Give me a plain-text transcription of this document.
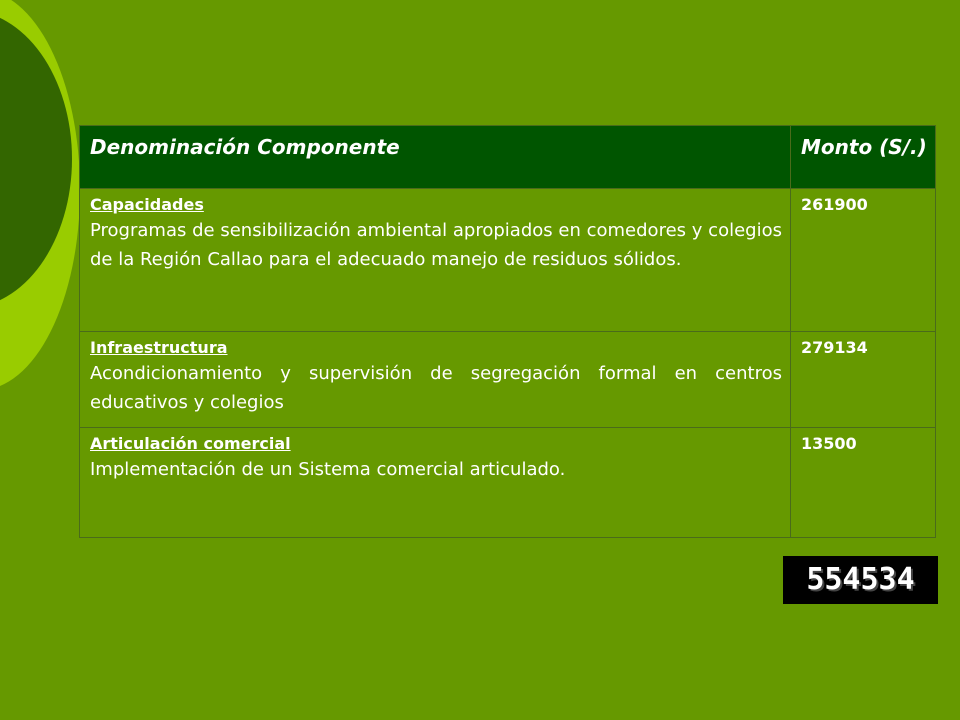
Denominación Componente	Monto (S/.)

Capacidades
Programas de sensibilización ambiental apropiados en comedores y colegios de la Región Callao para el adecuado manejo de residuos sólidos.	261900

Infraestructura
Acondicionamiento y supervisión de segregación formal en centros educativos y colegios	279134

Articulación comercial
Implementación de un Sistema comercial articulado.	13500
554534
